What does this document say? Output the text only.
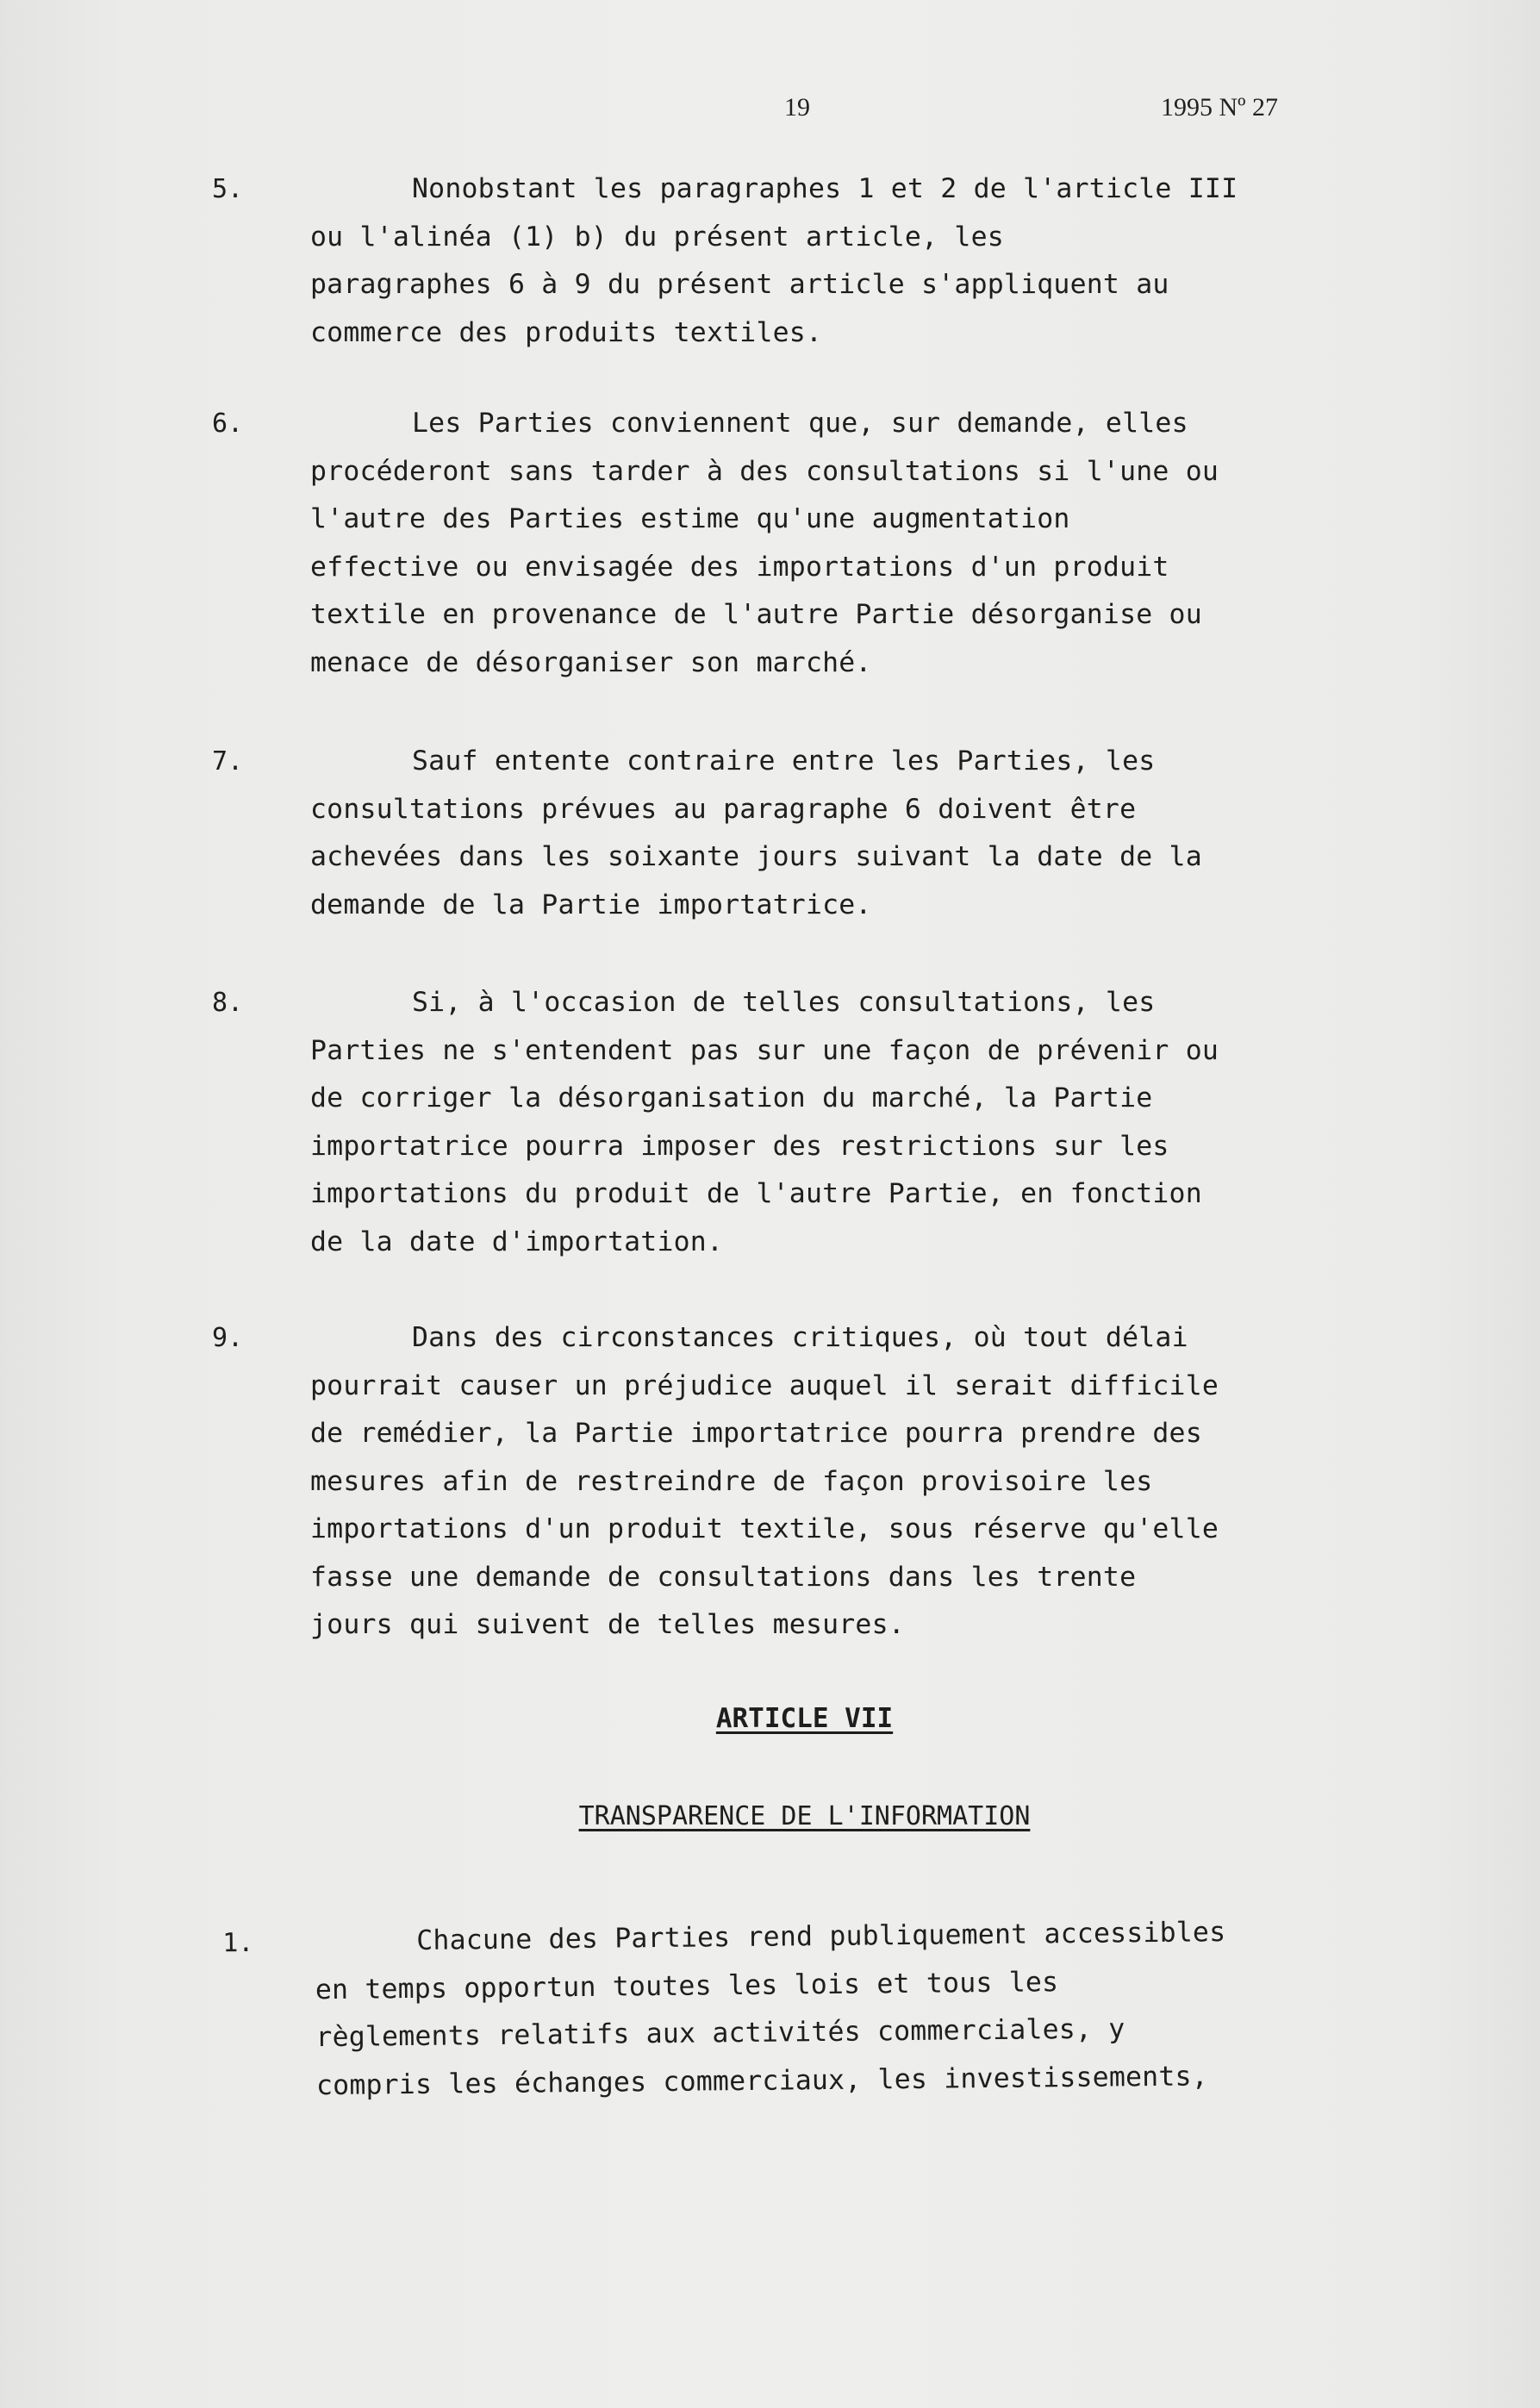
19	1995 Nº 27
5.	Nonobstant les paragraphes 1 et 2 de l'article III
ou l'alinéa (1) b) du présent article, les
paragraphes 6 à 9 du présent article s'appliquent au
commerce des produits textiles.
6.	Les Parties conviennent que, sur demande, elles
procéderont sans tarder à des consultations si l'une ou
l'autre des Parties estime qu'une augmentation
effective ou envisagée des importations d'un produit
textile en provenance de l'autre Partie désorganise ou
menace de désorganiser son marché.
7.	Sauf entente contraire entre les Parties, les
consultations prévues au paragraphe 6 doivent être
achevées dans les soixante jours suivant la date de la
demande de la Partie importatrice.
8.	Si, à l'occasion de telles consultations, les
Parties ne s'entendent pas sur une façon de prévenir ou
de corriger la désorganisation du marché, la Partie
importatrice pourra imposer des restrictions sur les
importations du produit de l'autre Partie, en fonction
de la date d'importation.
9.	Dans des circonstances critiques, où tout délai
pourrait causer un préjudice auquel il serait difficile
de remédier, la Partie importatrice pourra prendre des
mesures afin de restreindre de façon provisoire les
importations d'un produit textile, sous réserve qu'elle
fasse une demande de consultations dans les trente
jours qui suivent de telles mesures.
ARTICLE VII
TRANSPARENCE DE L'INFORMATION
1.	Chacune des Parties rend publiquement accessibles
en temps opportun toutes les lois et tous les
règlements relatifs aux activités commerciales, y
compris les échanges commerciaux, les investissements,
